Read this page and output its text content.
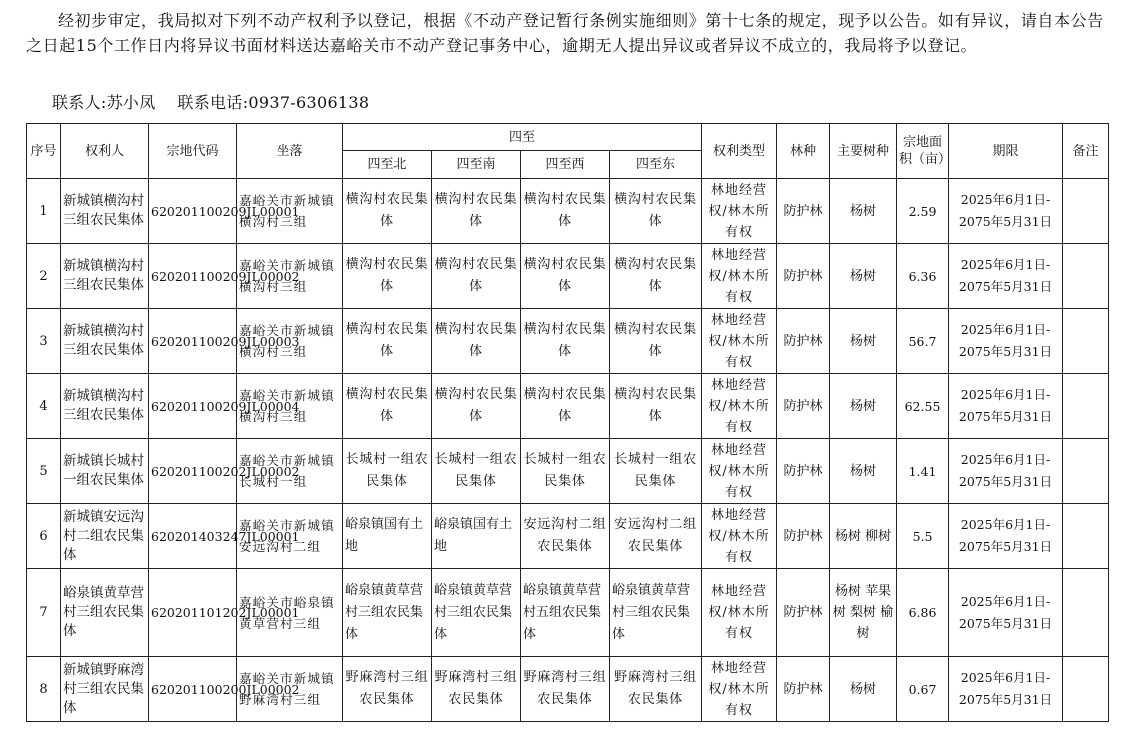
经初步审定，我局拟对下列不动产权利予以登记，根据《不动产登记暂行条例实施细则》第十七条的规定，现予以公告。如有异议，请自本公告之日起15个工作日内将异议书面材料送达嘉峪关市不动产登记事务中心，逾期无人提出异议或者异议不成立的，我局将予以登记。

联系人:苏小凤 联系电话:0937-6306138
序号	权利人	宗地代码	坐落	四至				权利类型	林种	主要树种	宗地面积（亩）	期限	备注
				四至北	四至南	四至西	四至东						
1	新城镇横沟村三组农民集体	620201100209JL00001	嘉峪关市新城镇横沟村三组	横沟村农民集体	横沟村农民集体	横沟村农民集体	横沟村农民集体	林地经营权/林木所有权	防护林	杨树	2.59	2025年6月1日-
2075年5月31日	

2	新城镇横沟村三组农民集体	620201100209JL00002	嘉峪关市新城镇横沟村三组	横沟村农民集体	横沟村农民集体	横沟村农民集体	横沟村农民集体	林地经营权/林木所有权	防护林	杨树	6.36	2025年6月1日-
2075年5月31日	

3	新城镇横沟村三组农民集体	620201100209JL00003	嘉峪关市新城镇横沟村三组	横沟村农民集体	横沟村农民集体	横沟村农民集体	横沟村农民集体	林地经营权/林木所有权	防护林	杨树	56.7	2025年6月1日-
2075年5月31日	

4	新城镇横沟村三组农民集体	620201100209JL00004	嘉峪关市新城镇横沟村三组	横沟村农民集体	横沟村农民集体	横沟村农民集体	横沟村农民集体	林地经营权/林木所有权	防护林	杨树	62.55	2025年6月1日-
2075年5月31日	

5	新城镇长城村一组农民集体	620201100202JL00002	嘉峪关市新城镇长城村一组	长城村一组农民集体	长城村一组农民集体	长城村一组农民集体	长城村一组农民集体	林地经营权/林木所有权	防护林	杨树	1.41	2025年6月1日-
2075年5月31日	

6	新城镇安远沟村二组农民集体	620201403247JL00001	嘉峪关市新城镇安远沟村二组	峪泉镇国有土地	峪泉镇国有土地	安远沟村二组农民集体	安远沟村二组农民集体	林地经营权/林木所有权	防护林	杨树 柳树	5.5	2025年6月1日-
2075年5月31日	

7	峪泉镇黄草营村三组农民集体	620201101202JL00001	嘉峪关市峪泉镇黄草营村三组	峪泉镇黄草营村三组农民集体	峪泉镇黄草营村三组农民集体	峪泉镇黄草营村五组农民集体	峪泉镇黄草营村三组农民集体	林地经营权/林木所有权	防护林	杨树 苹果树 梨树 榆树	6.86	2025年6月1日-
2075年5月31日	

8	新城镇野麻湾村三组农民集体	620201100200JL00002	嘉峪关市新城镇野麻湾村三组	野麻湾村三组农民集体	野麻湾村三组农民集体	野麻湾村三组农民集体	野麻湾村三组农民集体	林地经营权/林木所有权	防护林	杨树	0.67	2025年6月1日-
2075年5月31日	
